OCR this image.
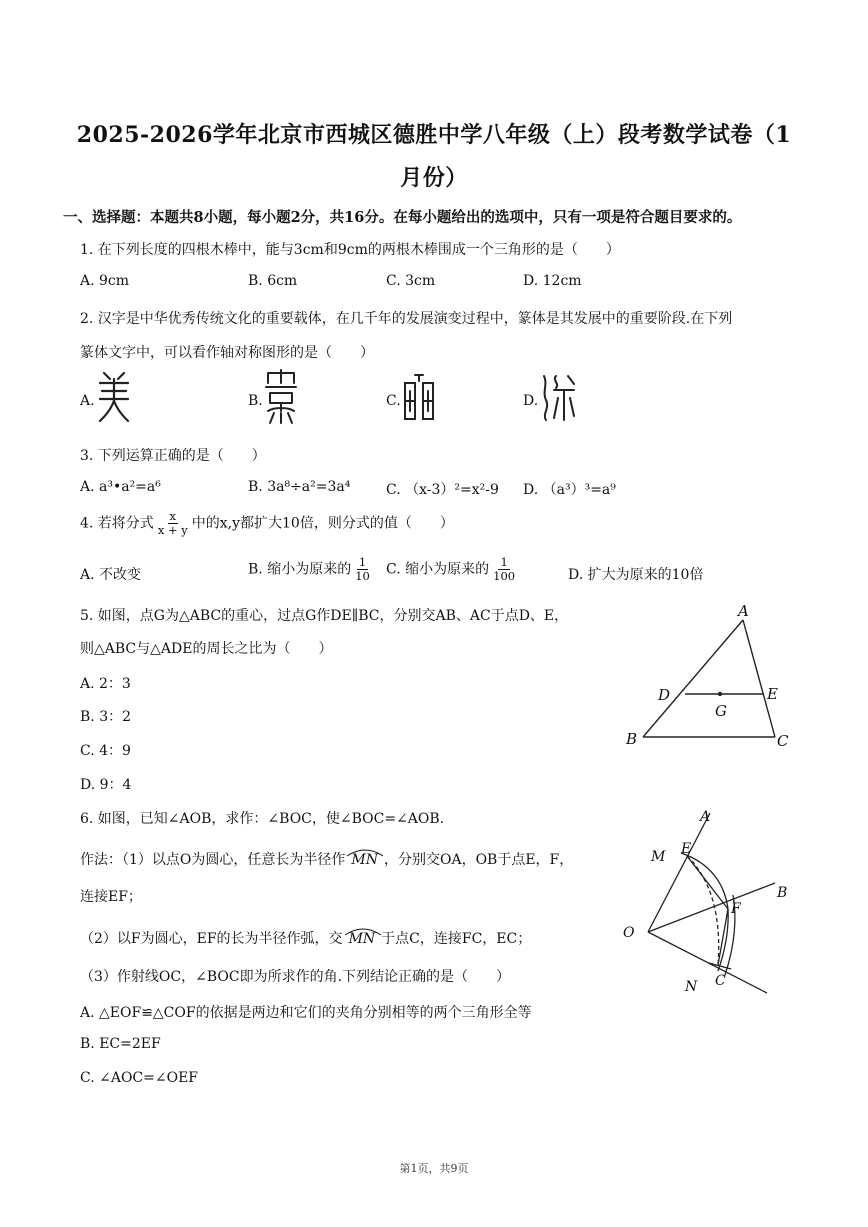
2025-2026学年北京市西城区德胜中学八年级（上）段考数学试卷（1
月份）
一、选择题：本题共8小题，每小题2分，共16分。在每小题给出的选项中，只有一项是符合题目要求的。
1. 在下列长度的四根木棒中，能与3cm和9cm的两根木棒围成一个三角形的是（　　）
A. 9cm	B. 6cm	C. 3cm	D. 12cm
2. 汉字是中华优秀传统文化的重要载体，在几千年的发展演变过程中，篆体是其发展中的重要阶段.在下列
篆体文字中，可以看作轴对称图形的是（　　）
A.	B.	C.	D.
3. 下列运算正确的是（　　）
A. a³•a²=a⁶	B. 3a⁸÷a²=3a⁴	C. （x-3）²=x²-9 D. （a³）³=a⁹
4. 若将分式 $\frac{x}{x + y}$ 中的x,y都扩大10倍，则分式的值（　　）
A. 不改变	B. 缩小为原来的 $\frac{1}{10} C$. 缩小为原来的 $\frac{1}{100}$	D. 扩大为原来的10倍
5. 如图，点G为△ABC的重心，过点G作DE∥BC，分别交AB、AC于点D、E，
则△ABC与△ADE的周长之比为（　　）
A. 2：3
B. 3：2
C. 4：9
D. 9：4
A
B	C
D	E
G
6. 如图，已知∠AOB，求作：∠BOC，使∠BOC=∠AOB.
作法：（1）以点O为圆心，任意长为半径作 MN ，分别交OA，OB于点E，F，
连接EF；
（2）以F为圆心，EF的长为半径作弧，交 MN 于点C，连接FC，EC；
（3）作射线OC，∠BOC即为所求作的角.下列结论正确的是（　　）
A. △EOF≌△COF的依据是两边和它们的夹角分别相等的两个三角形全等
B. EC=2EF
C. ∠AOC=∠OEF
A
B
O
M E
F
N C
第1页，共9页
